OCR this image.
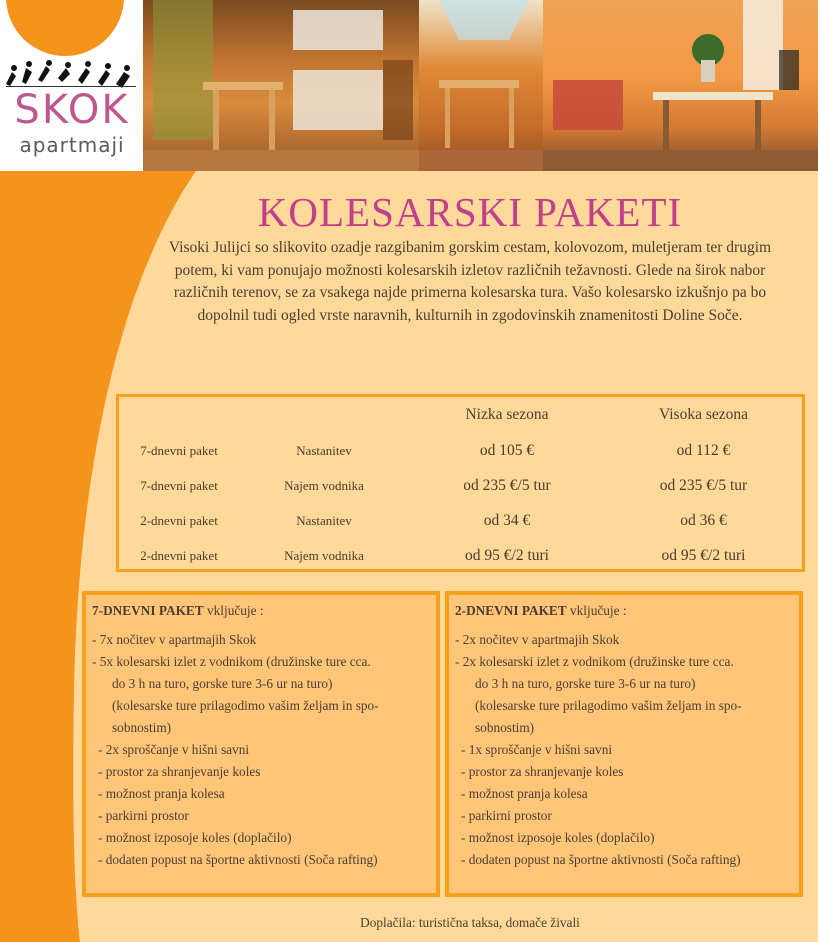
SKOK
apartmaji
KOLESARSKI PAKETI

Visoki Julijci so slikovito ozadje razgibanim gorskim cestam, kolovozom, muletjeram ter drugim potem, ki vam ponujajo možnosti kolesarskih izletov različnih težavnosti. Glede na širok nabor različnih terenov, se za vsakega najde primerna kolesarska tura. Vašo kolesarsko izkušnjo pa bo dopolnil tudi ogled vrste naravnih, kulturnih in zgodovinskih znamenitosti Doline Soče.

		Nizka sezona	Visoka sezona
7-dnevni paket	Nastanitev	od 105 €	od 112 €
7-dnevni paket	Najem vodnika	od 235 €/5 tur	od 235 €/5 tur
2-dnevni paket	Nastanitev	od 34 €	od 36 €
2-dnevni paket	Najem vodnika	od 95 €/2 turi	od 95 €/2 turi
7-DNEVNI PAKET vključuje :
- 7x nočitev v apartmajih Skok
- 5x kolesarski izlet z vodnikom (družinske ture cca.
do 3 h na turo, gorske ture 3-6 ur na turo)
(kolesarske ture prilagodimo vašim željam in spo-
sobnostim)
- 2x sproščanje v hišni savni
- prostor za shranjevanje koles
- možnost pranja kolesa
- parkirni prostor
- možnost izposoje koles (doplačilo)
- dodaten popust na športne aktivnosti (Soča rafting)
2-DNEVNI PAKET vključuje :
- 2x nočitev v apartmajih Skok
- 2x kolesarski izlet z vodnikom (družinske ture cca.
do 3 h na turo, gorske ture 3-6 ur na turo)
(kolesarske ture prilagodimo vašim željam in spo-
sobnostim)
- 1x sproščanje v hišni savni
- prostor za shranjevanje koles
- možnost pranja kolesa
- parkirni prostor
- možnost izposoje koles (doplačilo)
- dodaten popust na športne aktivnosti (Soča rafting)

Doplačila: turistična taksa, domače živali
